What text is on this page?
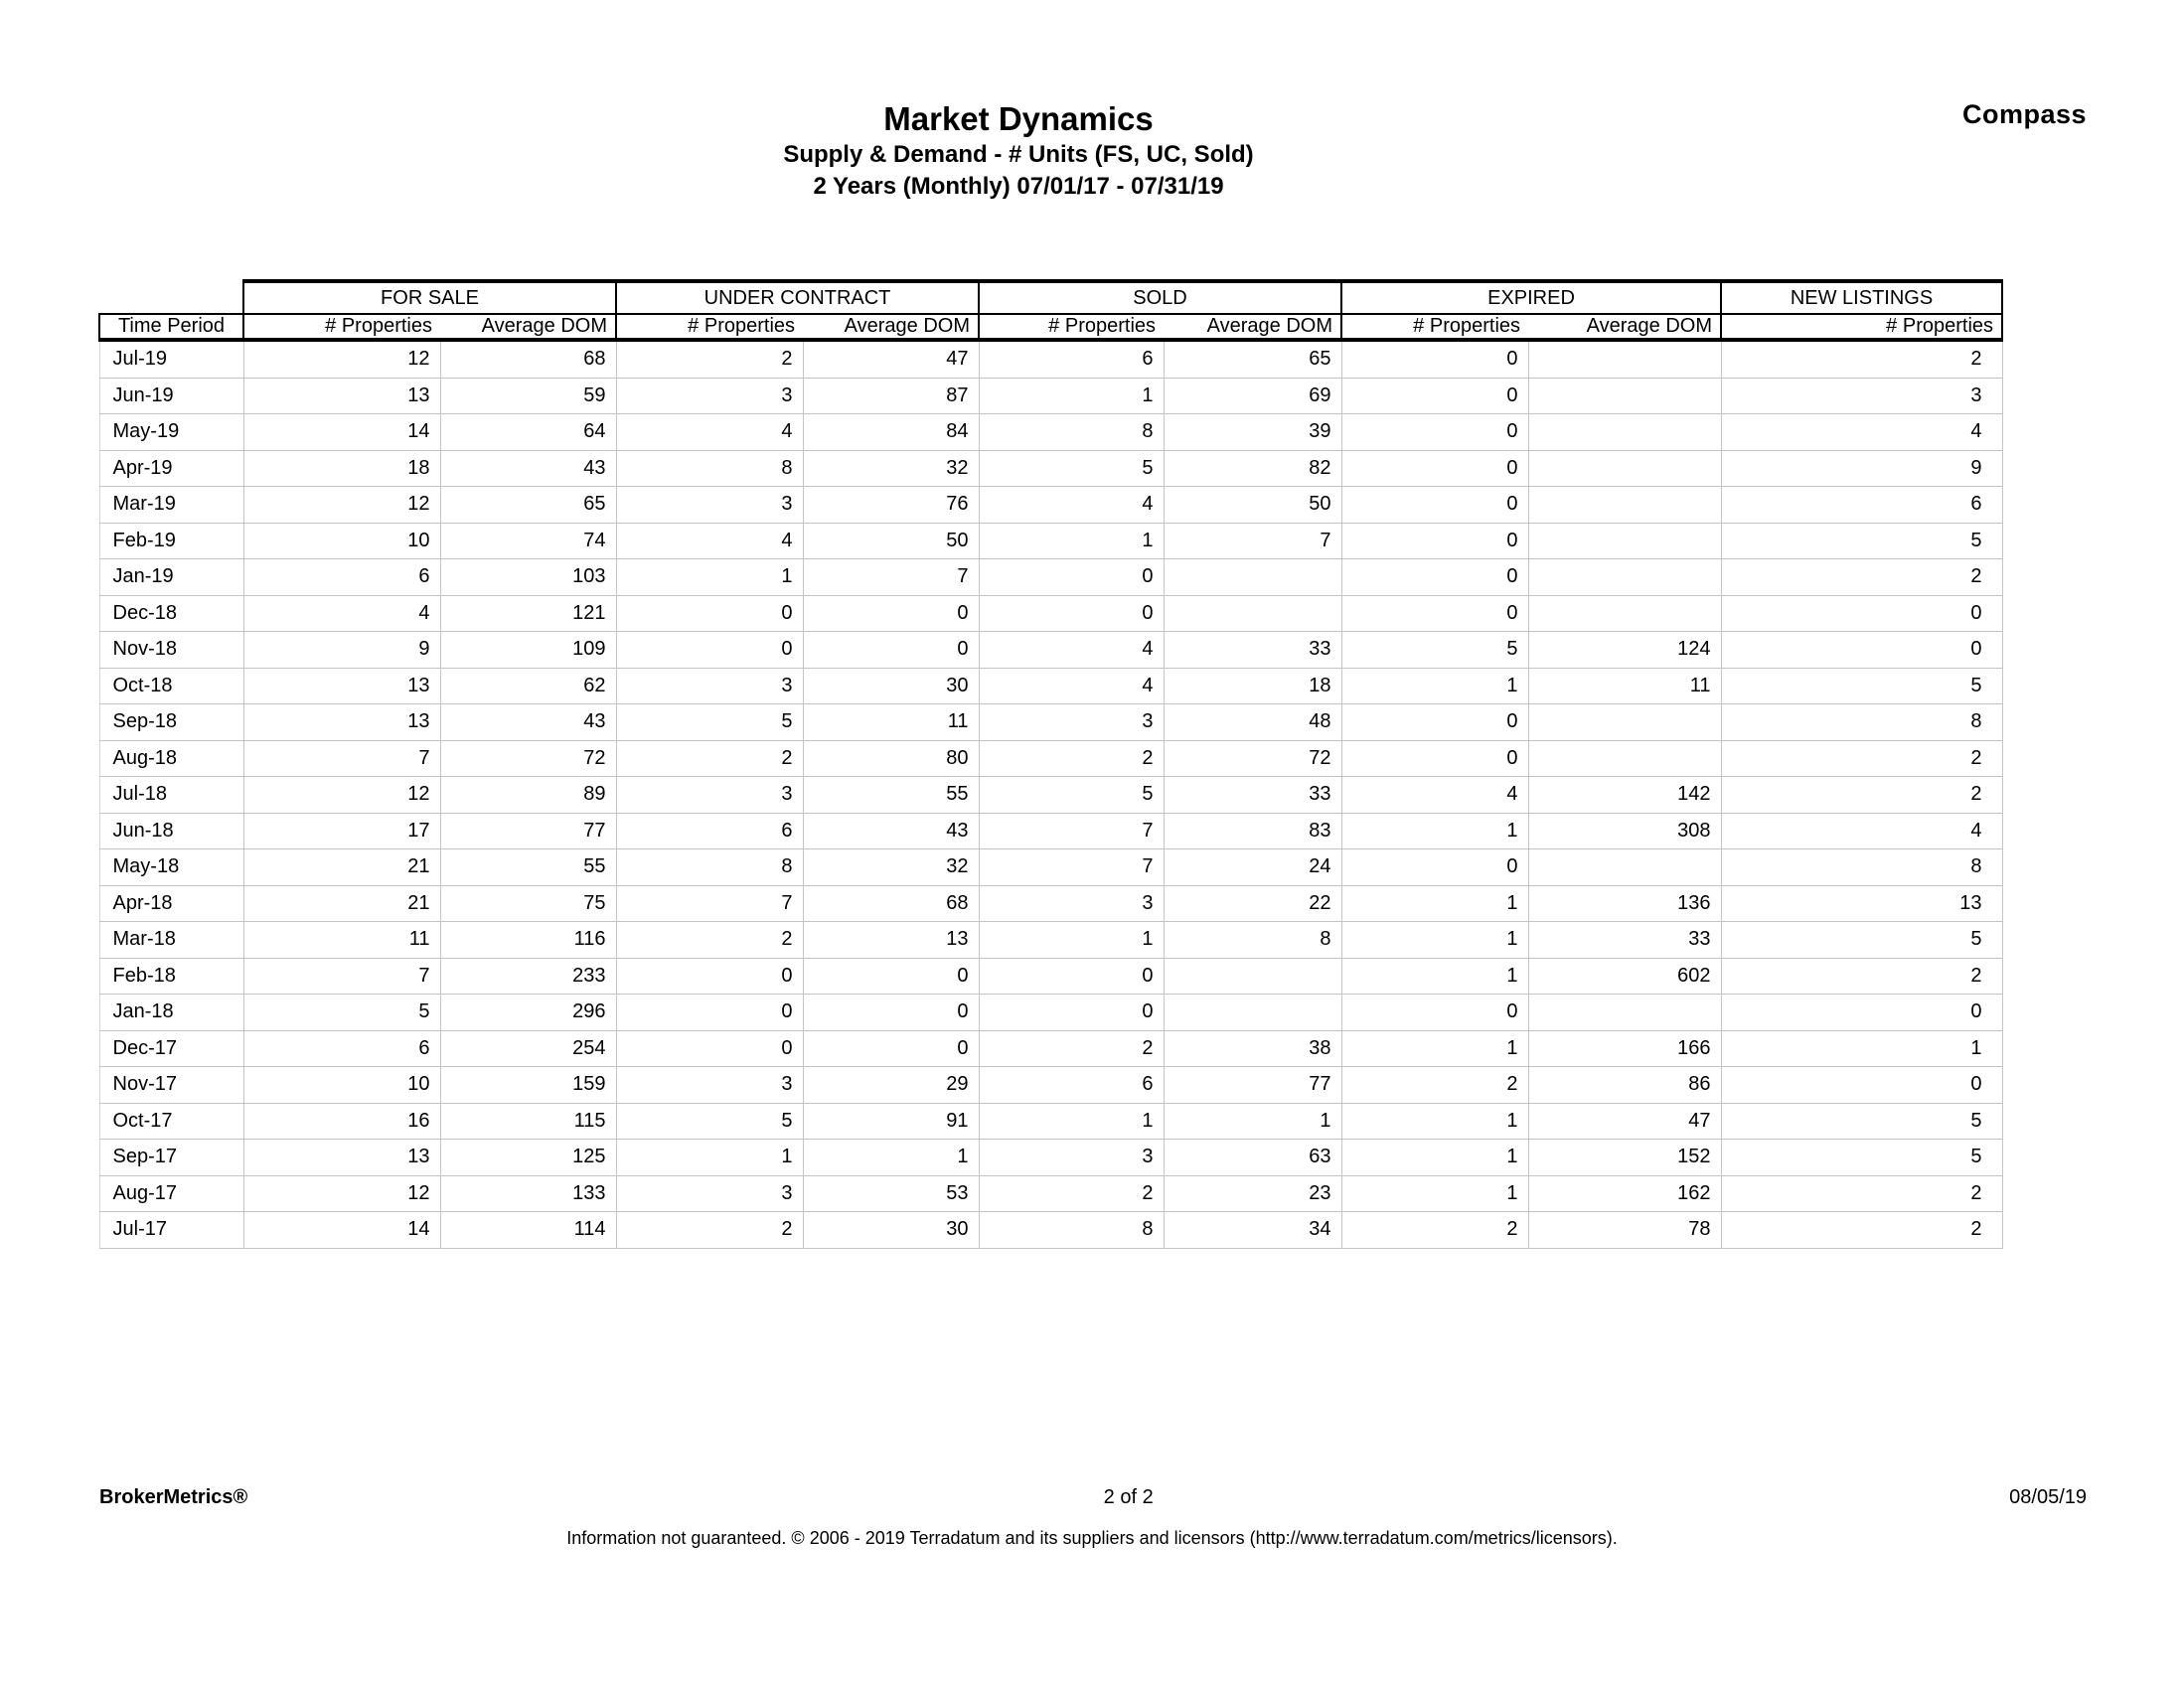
Compass
Market Dynamics
Supply & Demand - # Units (FS, UC, Sold)
2 Years (Monthly) 07/01/17 - 07/31/19
	FOR SALE		UNDER CONTRACT		SOLD		EXPIRED		NEW LISTINGS
Time Period	# Properties	Average DOM	# Properties	Average DOM	# Properties	Average DOM	# Properties	Average DOM	# Properties
Jul-19	12	68	2	47	6	65	0		2
Jun-19	13	59	3	87	1	69	0		3
May-19	14	64	4	84	8	39	0		4
Apr-19	18	43	8	32	5	82	0		9
Mar-19	12	65	3	76	4	50	0		6
Feb-19	10	74	4	50	1	7	0		5
Jan-19	6	103	1	7	0		0		2
Dec-18	4	121	0	0	0		0		0
Nov-18	9	109	0	0	4	33	5	124	0
Oct-18	13	62	3	30	4	18	1	11	5
Sep-18	13	43	5	11	3	48	0		8
Aug-18	7	72	2	80	2	72	0		2
Jul-18	12	89	3	55	5	33	4	142	2
Jun-18	17	77	6	43	7	83	1	308	4
May-18	21	55	8	32	7	24	0		8
Apr-18	21	75	7	68	3	22	1	136	13
Mar-18	11	116	2	13	1	8	1	33	5
Feb-18	7	233	0	0	0		1	602	2
Jan-18	5	296	0	0	0		0		0
Dec-17	6	254	0	0	2	38	1	166	1
Nov-17	10	159	3	29	6	77	2	86	0
Oct-17	16	115	5	91	1	1	1	47	5
Sep-17	13	125	1	1	3	63	1	152	5
Aug-17	12	133	3	53	2	23	1	162	2
Jul-17	14	114	2	30	8	34	2	78	2
BrokerMetrics®	2 of 2	08/05/19
Information not guaranteed. © 2006 - 2019 Terradatum and its suppliers and licensors (http://www.terradatum.com/metrics/licensors).
